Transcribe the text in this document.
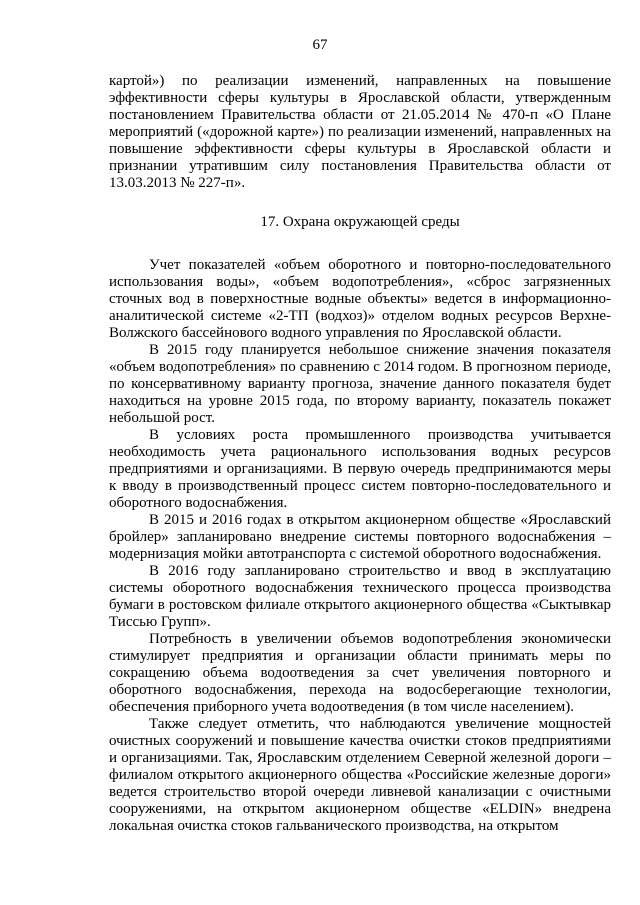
67

картой») по реализации изменений, направленных на повышение эффективности сферы культуры в Ярославской области, утвержденным постановлением Правительства области от 21.05.2014 № 470-п «О Плане мероприятий («дорожной карте») по реализации изменений, направленных на повышение эффективности сферы культуры в Ярославской области и признании утратившим силу постановления Правительства области от 13.03.2013 № 227-п».

17. Охрана окружающей среды

Учет показателей «объем оборотного и повторно-последовательного использования воды», «объем водопотребления», «сброс загрязненных сточных вод в поверхностные водные объекты» ведется в информационно-аналитической системе «2-ТП (водхоз)» отделом водных ресурсов Верхне-Волжского бассейнового водного управления по Ярославской области.

В 2015 году планируется небольшое снижение значения показателя «объем водопотребления» по сравнению с 2014 годом. В прогнозном периоде, по консервативному варианту прогноза, значение данного показателя будет находиться на уровне 2015 года, по второму варианту, показатель покажет небольшой рост.

В условиях роста промышленного производства учитывается необходимость учета рационального использования водных ресурсов предприятиями и организациями. В первую очередь предпринимаются меры к вводу в производственный процесс систем повторно-последовательного и оборотного водоснабжения.

В 2015 и 2016 годах в открытом акционерном обществе «Ярославский бройлер» запланировано внедрение системы повторного водоснабжения – модернизация мойки автотранспорта с системой оборотного водоснабжения.

В 2016 году запланировано строительство и ввод в эксплуатацию системы оборотного водоснабжения технического процесса производства бумаги в ростовском филиале открытого акционерного общества «Сыктывкар Тиссью Групп».

Потребность в увеличении объемов водопотребления экономически стимулирует предприятия и организации области принимать меры по сокращению объема водоотведения за счет увеличения повторного и оборотного водоснабжения, перехода на водосберегающие технологии, обеспечения приборного учета водоотведения (в том числе населением).

Также следует отметить, что наблюдаются увеличение мощностей очистных сооружений и повышение качества очистки стоков предприятиями и организациями. Так, Ярославским отделением Северной железной дороги – филиалом открытого акционерного общества «Российские железные дороги» ведется строительство второй очереди ливневой канализации с очистными сооружениями, на открытом акционерном обществе «ELDIN» внедрена локальная очистка стоков гальванического производства, на открытом
